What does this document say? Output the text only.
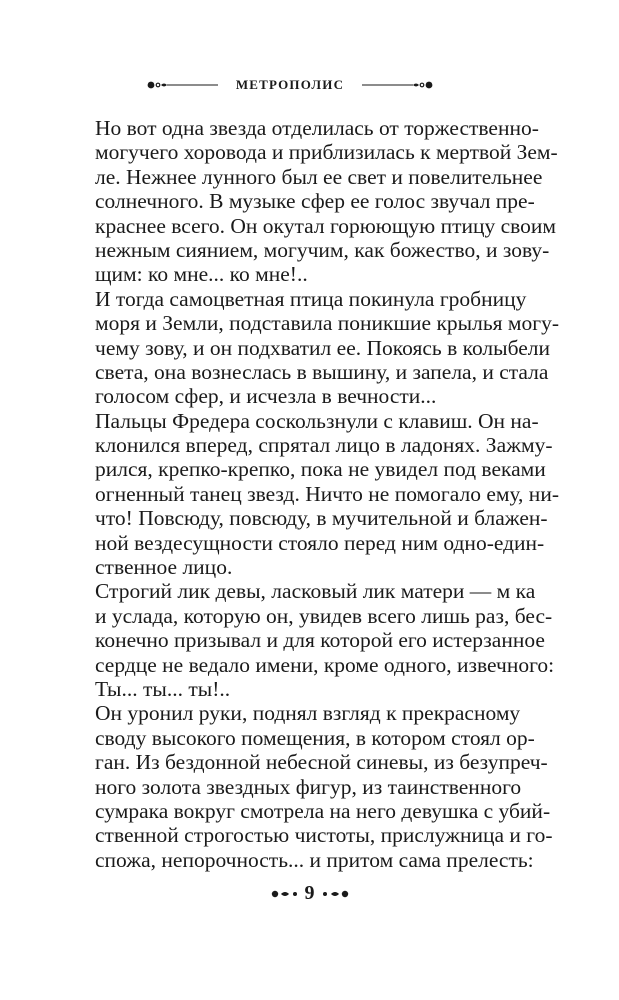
МЕТРОПОЛИС

Но вот одна звезда отделилась от торжественно-
могучего хоровода и приблизилась к мертвой Зем-
ле. Нежнее лунного был ее свет и повелительнее
солнечного. В музыке сфер ее голос звучал пре-
краснее всего. Он окутал горюющую птицу своим
нежным сиянием, могучим, как божество, и зову-
щим: ко мне... ко мне!..

И тогда самоцветная птица покинула гробницу
моря и Земли, подставила поникшие крылья могу-
чему зову, и он подхватил ее. Покоясь в колыбели
света, она вознеслась в вышину, и запела, и стала
голосом сфер, и исчезла в вечности...

Пальцы Фредера соскользнули с клавиш. Он на-
клонился вперед, спрятал лицо в ладонях. Зажму-
рился, крепко-крепко, пока не увидел под веками
огненный танец звезд. Ничто не помогало ему, ни-
что! Повсюду, повсюду, в мучительной и блажен-
ной вездесущности стояло перед ним одно-един-
ственное лицо.

Строгий лик девы, ласковый лик матери — м ка
и услада, которую он, увидев всего лишь раз, бес-
конечно призывал и для которой его истерзанное
сердце не ведало имени, кроме одного, извечного:

Ты... ты... ты!..

Он уронил руки, поднял взгляд к прекрасному
своду высокого помещения, в котором стоял ор-
ган. Из бездонной небесной синевы, из безупреч-
ного золота звездных фигур, из таинственного
сумрака вокруг смотрела на него девушка с убий-
ственной строгостью чистоты, прислужница и го-
спожа, непорочность... и притом сама прелесть:

9
